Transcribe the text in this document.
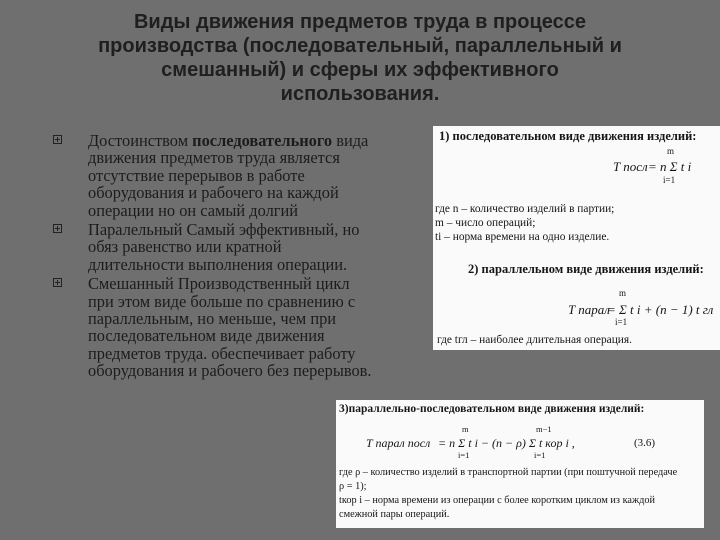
Виды движения предметов труда в процессе
производства (последовательный, параллельный и
смешанный) и сферы их эффективного
использования.
Достоинством последовательного вида
движения предметов труда является
отсутствие перерывов в работе
оборудования и рабочего на каждой
операции но он самый долгий
Паралельный Самый эффективный, но
обяз равенство или кратной
длительности выполнения операции.
Смешанный Производственный цикл
при этом виде больше по сравнению с
параллельным, но меньше, чем при
последовательном виде движения
предметов труда. обеспечивает работу
оборудования и рабочего без перерывов.
1) последовательном виде движения изделий:
T посл = n Σ t i
m
i=1
где n – количество изделий в партии;
m – число операций;
ti – норма времени на одно изделие.
2) параллельном виде движения изделий:
T парал
= Σ t i + (n − 1) t гл
m
i=1
где tгл – наиболее длительная операция.
3)параллельно-последовательном виде движения изделий:
T парал посл = n Σ t i − (n − ρ) Σ t кор i ,
m
i=1
m−1
i=1
(3.6)
где ρ – количество изделий в транспортной партии (при поштучной передаче
ρ = 1);
tкор i – норма времени из операции с более коротким циклом из каждой
смежной пары операций.
